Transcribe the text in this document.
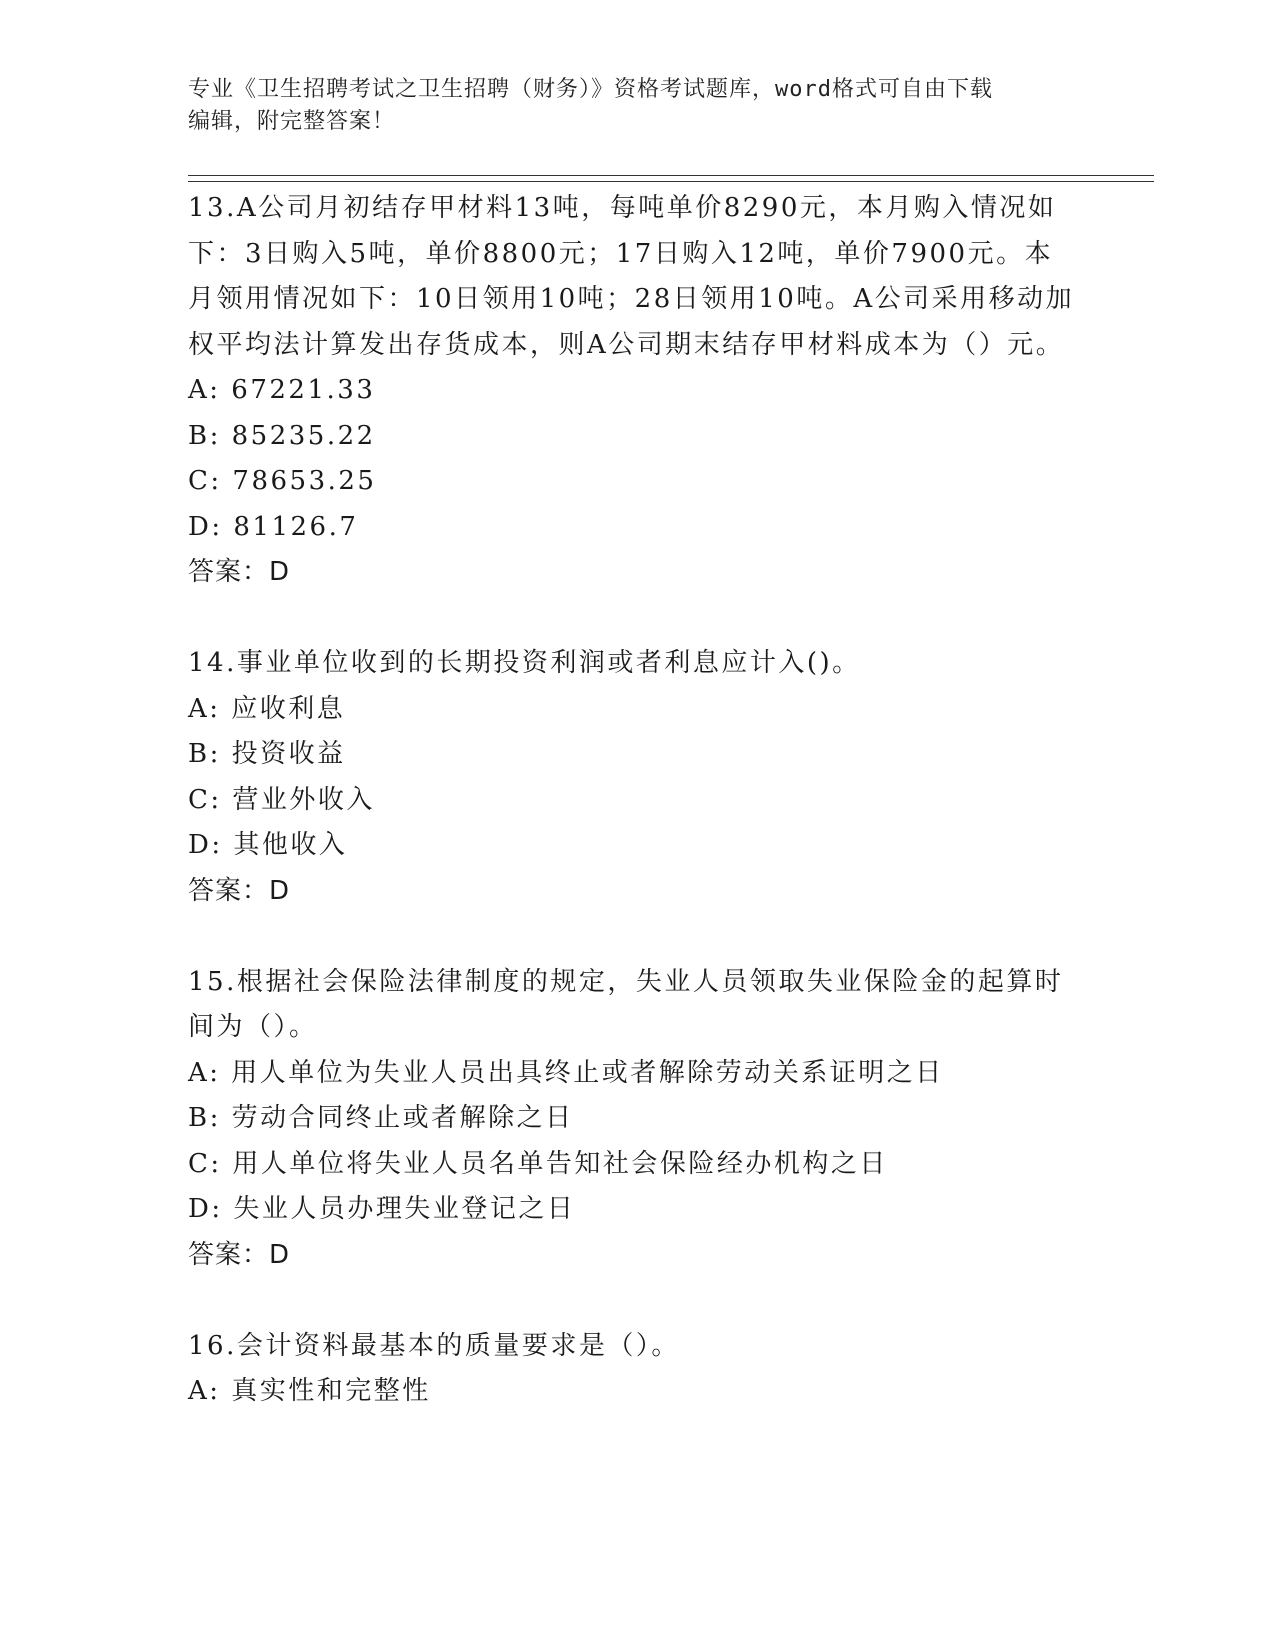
专业《卫生招聘考试之卫生招聘（财务）》资格考试题库，word格式可自由下载
编辑，附完整答案！
13.A公司月初结存甲材料13吨，每吨单价8290元，本月购入情况如下：3日购入5吨，单价8800元；17日购入12吨，单价7900元。本月领用情况如下：10日领用10吨；28日领用10吨。A公司采用移动加权平均法计算发出存货成本，则A公司期末结存甲材料成本为（）元。
A: 67221.33
B: 85235.22
C: 78653.25
D: 81126.7
答案：D
14.事业单位收到的长期投资利润或者利息应计入()。
A: 应收利息
B: 投资收益
C: 营业外收入
D: 其他收入
答案：D
15.根据社会保险法律制度的规定，失业人员领取失业保险金的起算时间为（）。
A: 用人单位为失业人员出具终止或者解除劳动关系证明之日
B: 劳动合同终止或者解除之日
C: 用人单位将失业人员名单告知社会保险经办机构之日
D: 失业人员办理失业登记之日
答案：D
16.会计资料最基本的质量要求是（）。
A: 真实性和完整性
